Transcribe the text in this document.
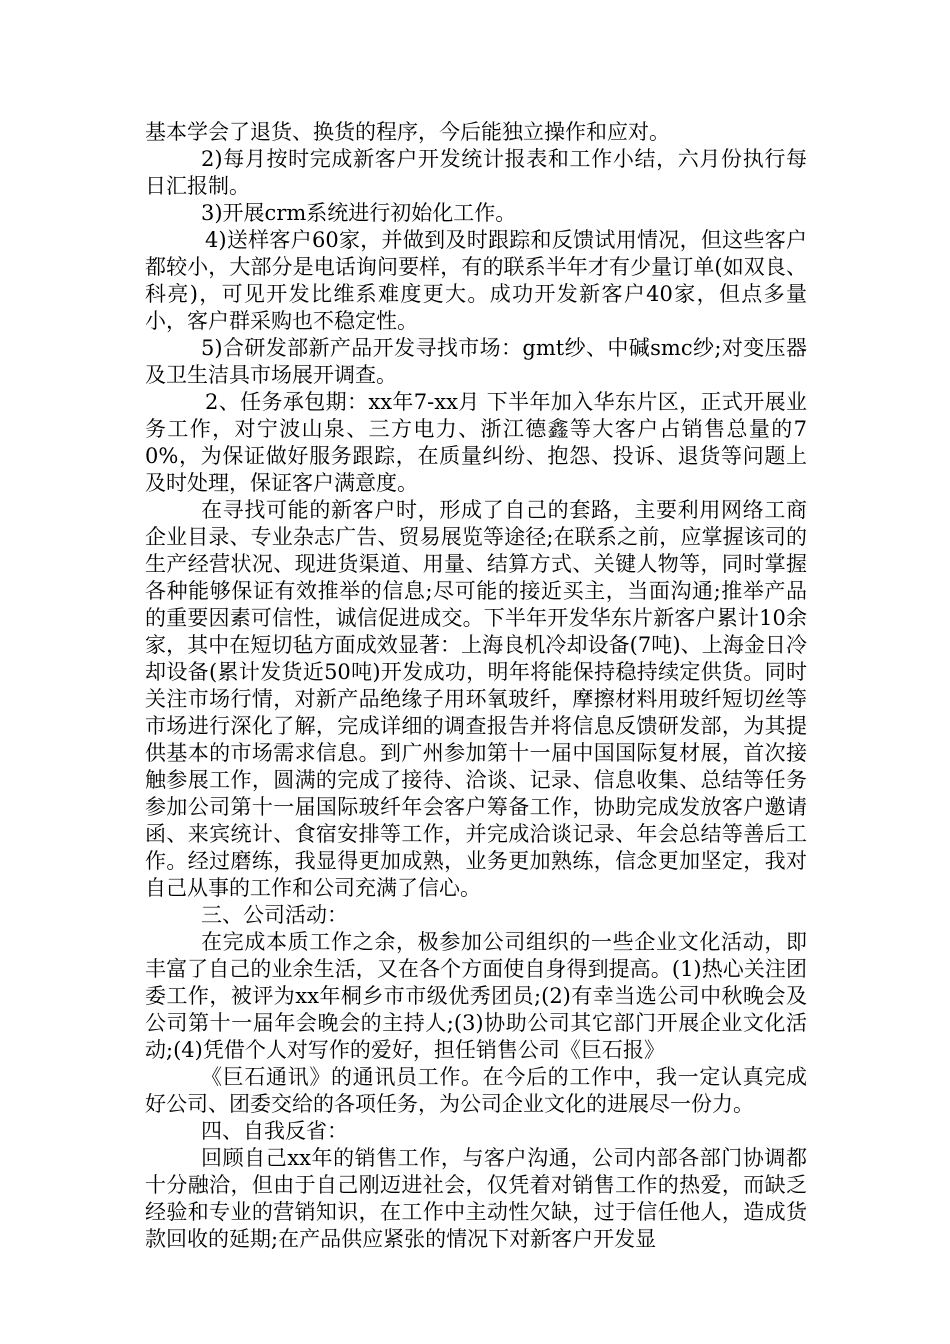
基本学会了退货、换货的程序，今后能独立操作和应对。

2)每月按时完成新客户开发统计报表和工作小结，六月份执行每日汇报制。

3)开展crm系统进行初始化工作。

4)送样客户60家，并做到及时跟踪和反馈试用情况，但这些客户都较小，大部分是电话询问要样，有的联系半年才有少量订单(如双良、科亮)，可见开发比维系难度更大。成功开发新客户40家，但点多量小，客户群采购也不稳定性。

5)合研发部新产品开发寻找市场：gmt纱、中碱smc纱;对变压器及卫生洁具市场展开调查。

2、任务承包期：xx年7-xx月 下半年加入华东片区，正式开展业务工作，对宁波山泉、三方电力、浙江德鑫等大客户占销售总量的70%，为保证做好服务跟踪，在质量纠纷、抱怨、投诉、退货等问题上及时处理，保证客户满意度。

在寻找可能的新客户时，形成了自己的套路，主要利用网络工商企业目录、专业杂志广告、贸易展览等途径;在联系之前，应掌握该司的生产经营状况、现进货渠道、用量、结算方式、关键人物等，同时掌握各种能够保证有效推举的信息;尽可能的接近买主，当面沟通;推举产品的重要因素可信性，诚信促进成交。下半年开发华东片新客户累计10余家，其中在短切毡方面成效显著：上海良机冷却设备(7吨)、上海金日冷却设备(累计发货近50吨)开发成功，明年将能保持稳持续定供货。同时关注市场行情，对新产品绝缘子用环氧玻纤，摩擦材料用玻纤短切丝等市场进行深化了解，完成详细的调查报告并将信息反馈研发部，为其提供基本的市场需求信息。到广州参加第十一届中国国际复材展，首次接触参展工作，圆满的完成了接待、洽谈、记录、信息收集、总结等任务参加公司第十一届国际玻纤年会客户筹备工作，协助完成发放客户邀请函、来宾统计、食宿安排等工作，并完成洽谈记录、年会总结等善后工作。经过磨练，我显得更加成熟，业务更加熟练，信念更加坚定，我对自己从事的工作和公司充满了信心。

三、公司活动：

在完成本质工作之余，极参加公司组织的一些企业文化活动，即丰富了自己的业余生活，又在各个方面使自身得到提高。(1)热心关注团委工作，被评为xx年桐乡市市级优秀团员;(2)有幸当选公司中秋晚会及公司第十一届年会晚会的主持人;(3)协助公司其它部门开展企业文化活动;(4)凭借个人对写作的爱好，担任销售公司《巨石报》

《巨石通讯》的通讯员工作。在今后的工作中，我一定认真完成好公司、团委交给的各项任务，为公司企业文化的进展尽一份力。

四、自我反省：

回顾自己xx年的销售工作，与客户沟通，公司内部各部门协调都十分融洽，但由于自己刚迈进社会，仅凭着对销售工作的热爱，而缺乏经验和专业的营销知识，在工作中主动性欠缺，过于信任他人，造成货款回收的延期;在产品供应紧张的情况下对新客户开发显
